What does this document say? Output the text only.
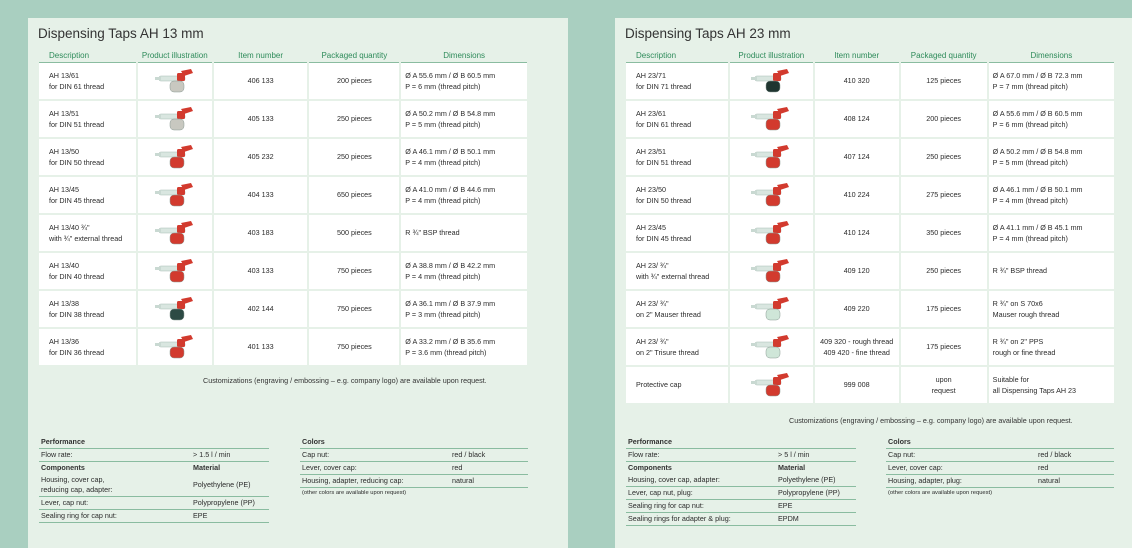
Dispensing Taps AH 13 mm
Description	Product illustration	Item number	Packaged quantity	Dimensions
AH 13/61
for DIN 61 thread		406 133	200 pieces	Ø A 55.6 mm / Ø B 60.5 mm
P = 6 mm (thread pitch)
AH 13/51
for DIN 51 thread		405 133	250 pieces	Ø A 50.2 mm / Ø B 54.8 mm
P = 5 mm (thread pitch)
AH 13/50
for DIN 50 thread		405 232	250 pieces	Ø A 46.1 mm / Ø B 50.1 mm
P = 4 mm (thread pitch)
AH 13/45
for DIN 45 thread		404 133	650 pieces	Ø A 41.0 mm / Ø B 44.6 mm
P = 4 mm (thread pitch)
AH 13/40 ¾"
with ¾" external thread		403 183	500 pieces	R ¾" BSP thread

AH 13/40
for DIN 40 thread		403 133	750 pieces	Ø A 38.8 mm / Ø B 42.2 mm
P = 4 mm (thread pitch)
AH 13/38
for DIN 38 thread		402 144	750 pieces	Ø A 36.1 mm / Ø B 37.9 mm
P = 3 mm (thread pitch)
AH 13/36
for DIN 36 thread		401 133	750 pieces	Ø A 33.2 mm / Ø B 35.6 mm
P = 3.6 mm (thread pitch)
Customizations (engraving / embossing – e.g. company logo) are available upon request.
Performance
Flow rate:	> 1.5 l / min
Components	Material
Housing, cover cap,
reducing cap, adapter:
Polyethylene (PE)
Lever, cap nut:	Polypropylene (PP)
Sealing ring for cap nut:	EPE
Colors
Cap nut:	red / black
Lever, cover cap:	red
Housing, adapter, reducing cap:	natural
(other colors are available upon request)
Dispensing Taps AH 23 mm
Description	Product illustration	Item number	Packaged quantity	Dimensions
AH 23/71
for DIN 71 thread		410 320	125 pieces	Ø A 67.0 mm / Ø B 72.3 mm
P = 7 mm (thread pitch)
AH 23/61
for DIN 61 thread		408 124	200 pieces	Ø A 55.6 mm / Ø B 60.5 mm
P = 6 mm (thread pitch)
AH 23/51
for DIN 51 thread		407 124	250 pieces	Ø A 50.2 mm / Ø B 54.8 mm
P = 5 mm (thread pitch)
AH 23/50
for DIN 50 thread		410 224	275 pieces	Ø A 46.1 mm / Ø B 50.1 mm
P = 4 mm (thread pitch)
AH 23/45
for DIN 45 thread		410 124	350 pieces	Ø A 41.1 mm / Ø B 45.1 mm
P = 4 mm (thread pitch)
AH 23/ ¾"
with ¾" external thread		409 120	250 pieces	R ¾" BSP thread

AH 23/ ¾"
on 2" Mauser thread		409 220	175 pieces	R ¾" on S 70x6
Mauser rough thread
AH 23/ ¾"
on 2" Trisure thread		409 320 - rough thread
409 420 - fine thread	175 pieces	R ¾" on 2" PPS
rough or fine thread
Protective cap		999 008	upon
request	Suitable for
all Dispensing Taps AH 23
Customizations (engraving / embossing – e.g. company logo) are available upon request.
Performance
Flow rate:	> 5 l / min
Components	Material
Housing, cover cap, adapter:	Polyethylene (PE)
Lever, cap nut, plug:	Polypropylene (PP)
Sealing ring for cap nut:	EPE
Sealing rings for adapter & plug:	EPDM
Colors
Cap nut:	red / black
Lever, cover cap:	red
Housing, adapter, plug:	natural
(other colors are available upon request)
